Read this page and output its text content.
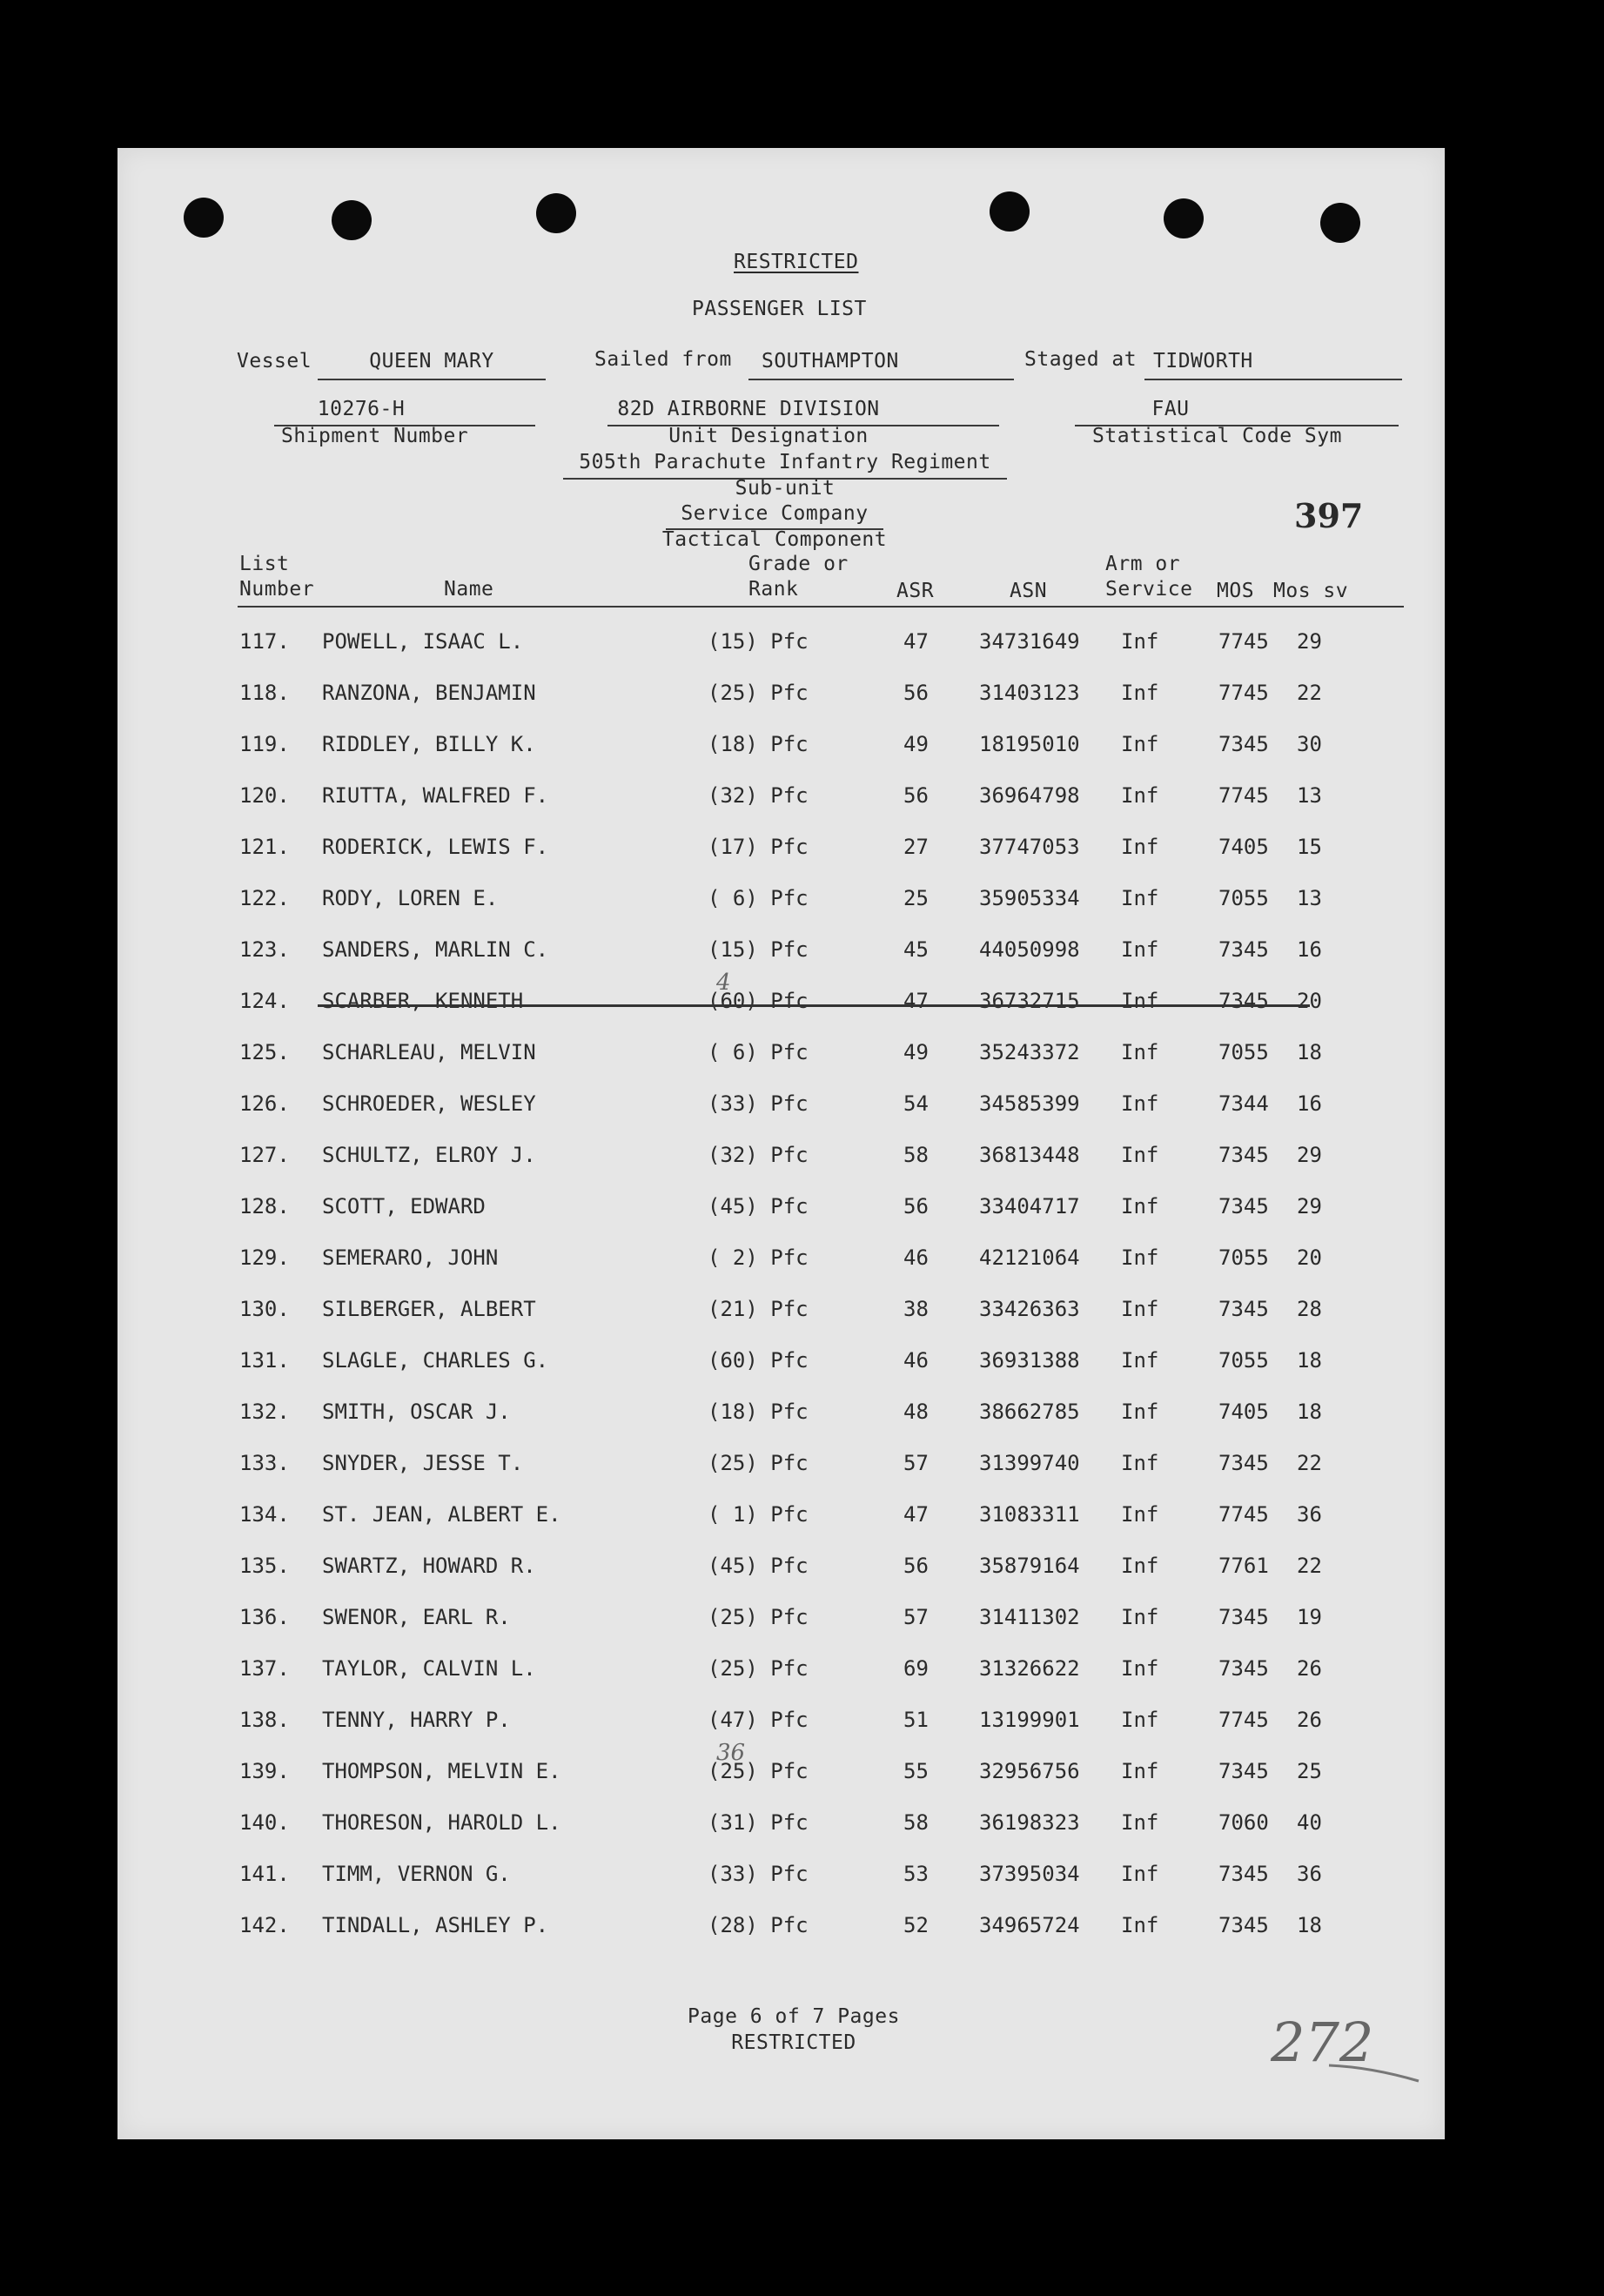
RESTRICTED
PASSENGER LIST
Vessel	QUEEN MARY	Sailed from SOUTHAMPTON	Staged at TIDWORTH
10276-H
Shipment Number
82D AIRBORNE DIVISION
Unit Designation
505th Parachute Infantry Regiment
Sub-unit
Service Company
Tactical Component
FAU
Statistical Code Sym
397
List
Number	Name
Grade or
Rank	ASR	ASN
Arm or
Service MOS Mos sv
117. POWELL, ISAAC L.	(15) Pfc	47 34731649 Inf	7745 29
118. RANZONA, BENJAMIN	(25) Pfc	56 31403123 Inf	7745 22
119. RIDDLEY, BILLY K.	(18) Pfc	49 18195010 Inf	7345 30
120. RIUTTA, WALFRED F.	(32) Pfc	56 36964798 Inf	7745 13
121. RODERICK, LEWIS F.	(17) Pfc	27 37747053 Inf	7405 15
122. RODY, LOREN E.	( 6) Pfc	25 35905334 Inf	7055 13
123. SANDERS, MARLIN C.	(15) Pfc	45 44050998 Inf	7345 16
124. SCARBER, KENNETH	(60) Pfc	47 36732715 Inf	7345 20
4
125. SCHARLEAU, MELVIN	( 6) Pfc	49 35243372 Inf	7055 18
126. SCHROEDER, WESLEY	(33) Pfc	54 34585399 Inf	7344 16
127. SCHULTZ, ELROY J.	(32) Pfc	58 36813448 Inf	7345 29
128. SCOTT, EDWARD	(45) Pfc	56 33404717 Inf	7345 29
129. SEMERARO, JOHN	( 2) Pfc	46 42121064 Inf	7055 20
130. SILBERGER, ALBERT	(21) Pfc	38 33426363 Inf	7345 28
131. SLAGLE, CHARLES G.	(60) Pfc	46 36931388 Inf	7055 18
132. SMITH, OSCAR J.	(18) Pfc	48 38662785 Inf	7405 18
133. SNYDER, JESSE T.	(25) Pfc	57 31399740 Inf	7345 22
134. ST. JEAN, ALBERT E.	( 1) Pfc	47 31083311 Inf	7745 36
135. SWARTZ, HOWARD R.	(45) Pfc	56 35879164 Inf	7761 22
136. SWENOR, EARL R.	(25) Pfc	57 31411302 Inf	7345 19
137. TAYLOR, CALVIN L.	(25) Pfc	69 31326622 Inf	7345 26
138. TENNY, HARRY P.	(47) Pfc	51 13199901 Inf	7745 26
139. THOMPSON, MELVIN E.	(25) Pfc	55 32956756 Inf	7345 25
36
140. THORESON, HAROLD L.	(31) Pfc	58 36198323 Inf	7060 40
141. TIMM, VERNON G.	(33) Pfc	53 37395034 Inf	7345 36
142. TINDALL, ASHLEY P.	(28) Pfc	52 34965724 Inf	7345 18
Page 6 of 7 Pages
RESTRICTED	272
